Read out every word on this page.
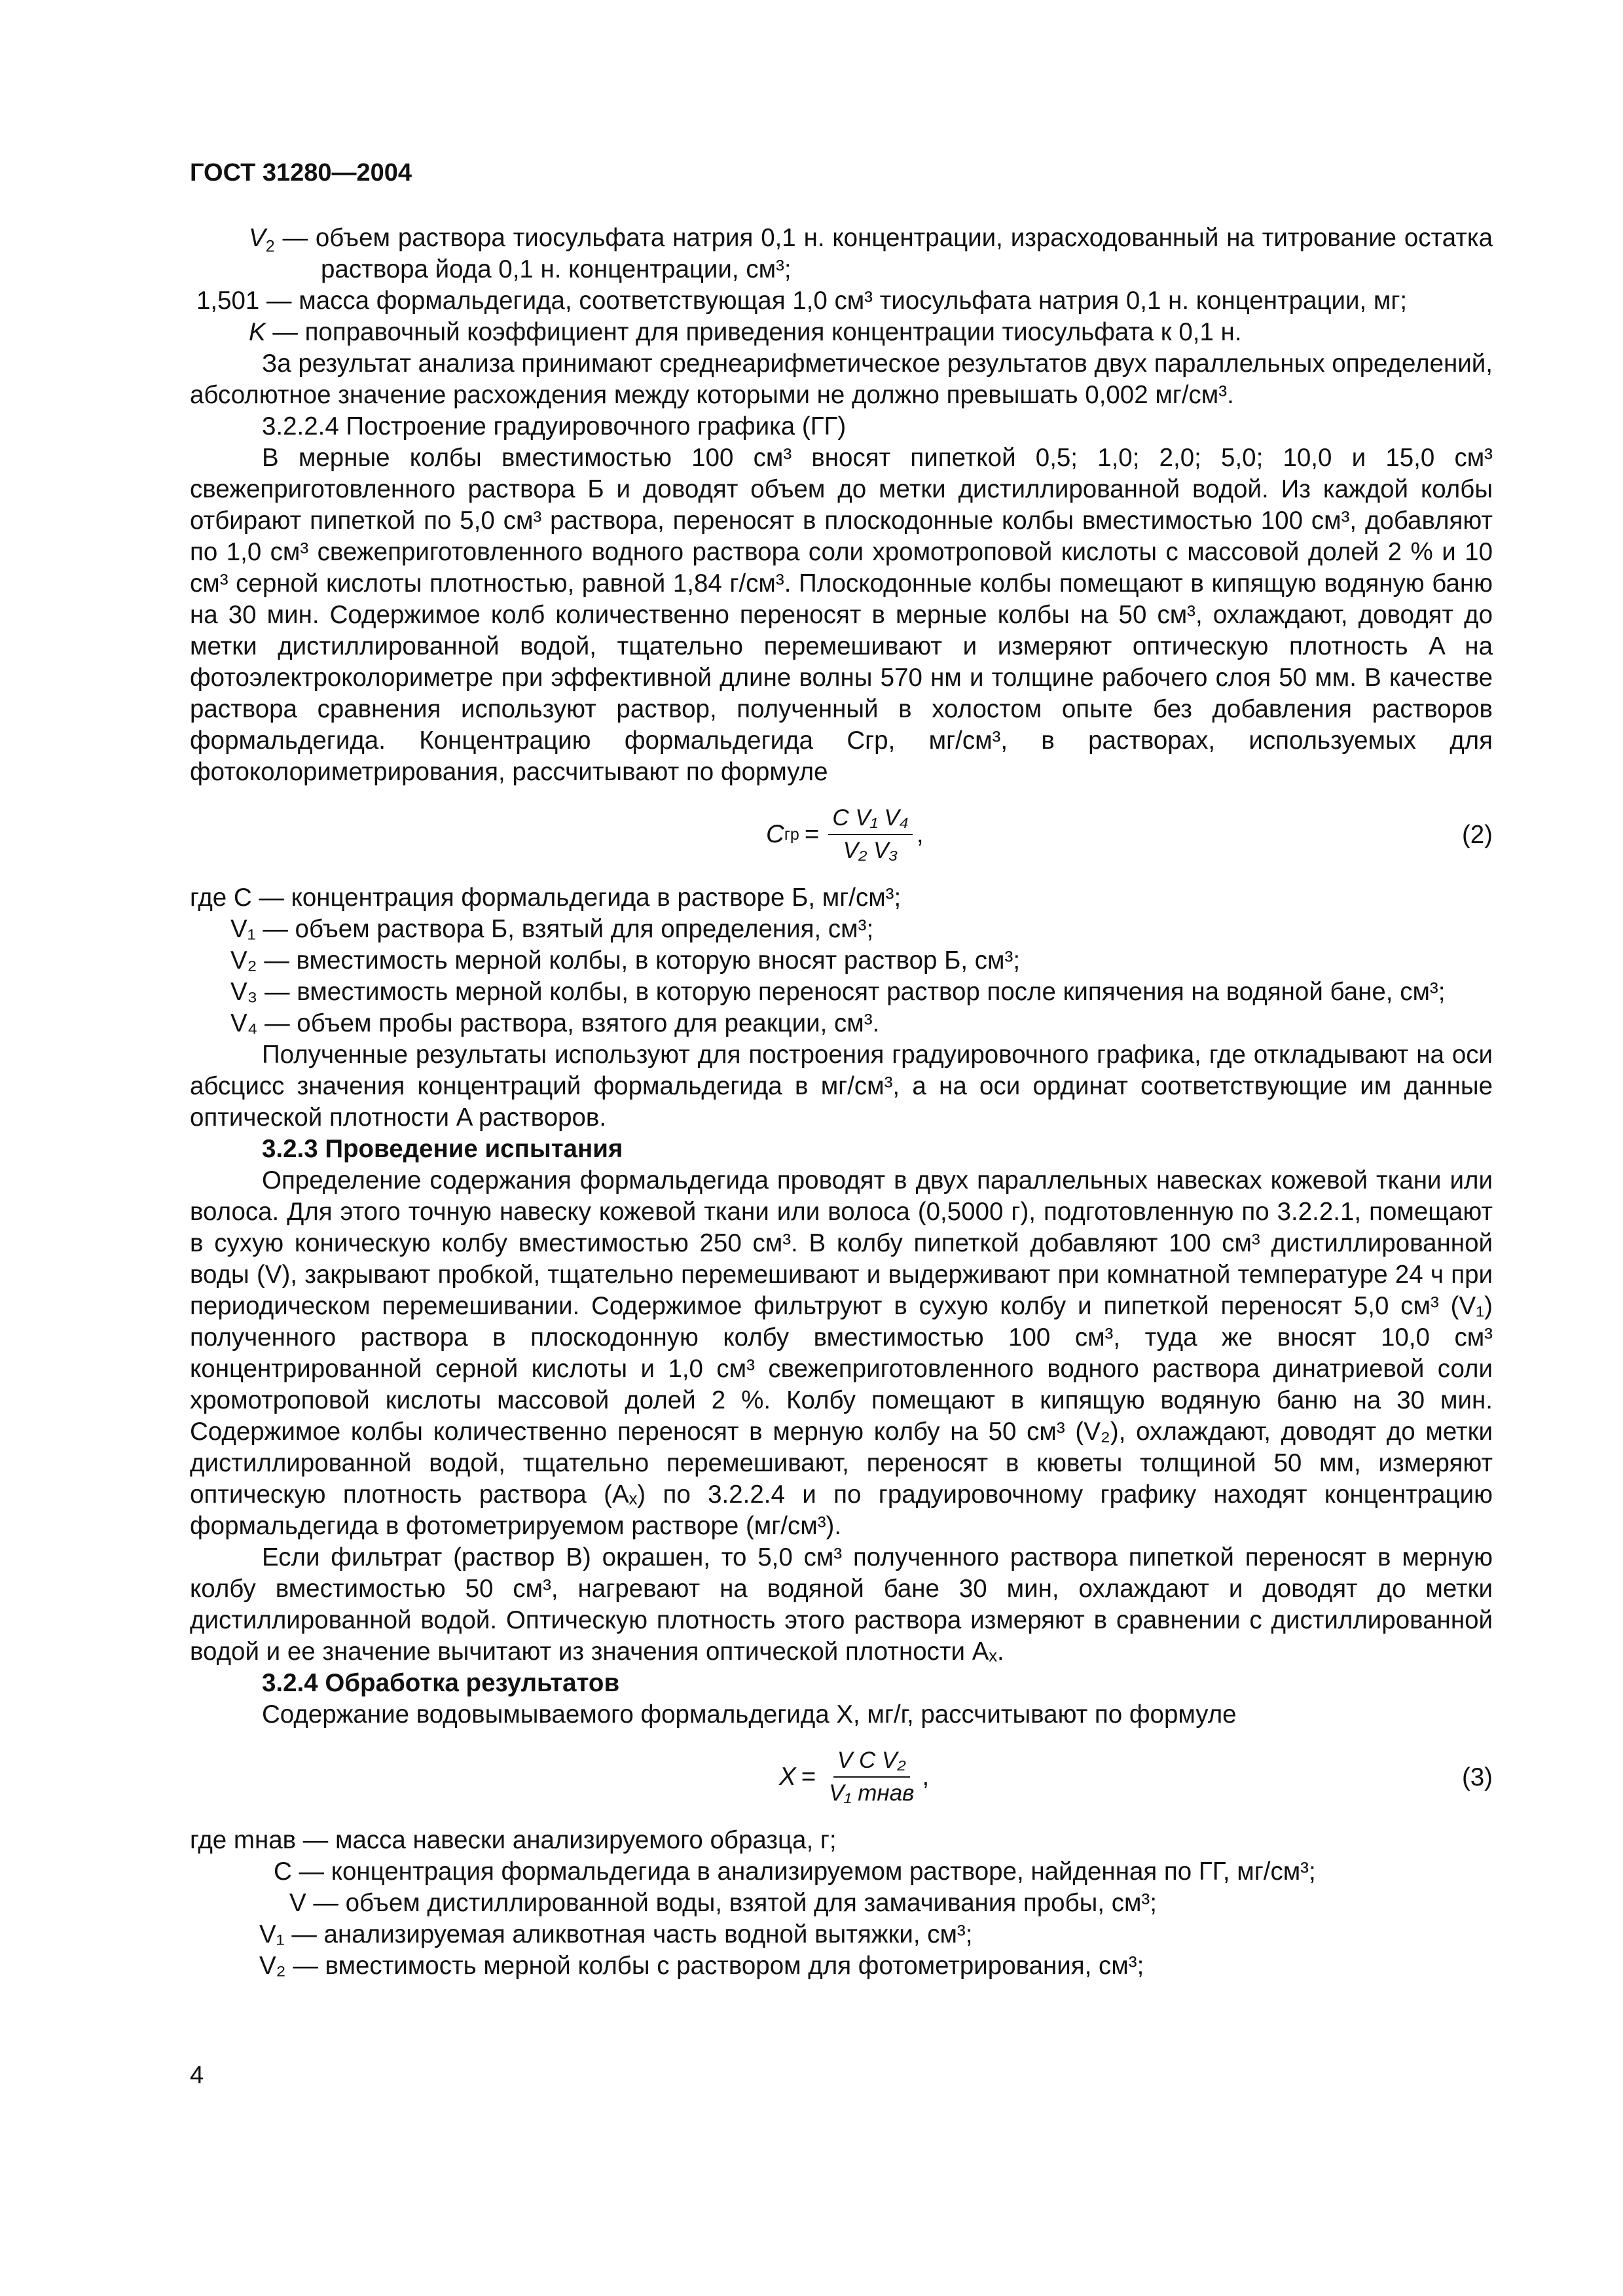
ГОСТ 31280—2004

$V_2$ — объем раствора тиосульфата натрия 0,1 н. концентрации, израсходованный на титрование остатка раствора йода 0,1 н. концентрации, см³;

1,501 — масса формальдегида, соответствующая 1,0 см³ тиосульфата натрия 0,1 н. концентрации, мг;

K — поправочный коэффициент для приведения концентрации тиосульфата к 0,1 н.

За результат анализа принимают среднеарифметическое результатов двух параллельных определений, абсолютное значение расхождения между которыми не должно превышать 0,002 мг/см³.

3.2.2.4 Построение градуировочного графика (ГГ)

В мерные колбы вместимостью 100 см³ вносят пипеткой 0,5; 1,0; 2,0; 5,0; 10,0 и 15,0 см³ свежеприготовленного раствора Б и доводят объем до метки дистиллированной водой. Из каждой колбы отбирают пипеткой по 5,0 см³ раствора, переносят в плоскодонные колбы вместимостью 100 см³, добавляют по 1,0 см³ свежеприготовленного водного раствора соли хромотроповой кислоты с массовой долей 2 % и 10 см³ серной кислоты плотностью, равной 1,84 г/см³. Плоскодонные колбы помещают в кипящую водяную баню на 30 мин. Содержимое колб количественно переносят в мерные колбы на 50 см³, охлаждают, доводят до метки дистиллированной водой, тщательно перемешивают и измеряют оптическую плотность A на фотоэлектроколориметре при эффективной длине волны 570 нм и толщине рабочего слоя 50 мм. В качестве раствора сравнения используют раствор, полученный в холостом опыте без добавления растворов формальдегида. Концентрацию формальдегида Cгр, мг/см³, в растворах, используемых для фотоколориметрирования, рассчитывают по формуле

C гр = $\frac{\text{C V₁ V₄}}{\text{V₂ V₃}}$ ,	(2)

где C — концентрация формальдегида в растворе Б, мг/см³;

V₁ — объем раствора Б, взятый для определения, см³;

V₂ — вместимость мерной колбы, в которую вносят раствор Б, см³;

V₃ — вместимость мерной колбы, в которую переносят раствор после кипячения на водяной бане, см³;

V₄ — объем пробы раствора, взятого для реакции, см³.

Полученные результаты используют для построения градуировочного графика, где откладывают на оси абсцисс значения концентраций формальдегида в мг/см³, а на оси ординат соответствующие им данные оптической плотности A растворов.

3.2.3 Проведение испытания

Определение содержания формальдегида проводят в двух параллельных навесках кожевой ткани или волоса. Для этого точную навеску кожевой ткани или волоса (0,5000 г), подготовленную по 3.2.2.1, помещают в сухую коническую колбу вместимостью 250 см³. В колбу пипеткой добавляют 100 см³ дистиллированной воды (V), закрывают пробкой, тщательно перемешивают и выдерживают при комнатной температуре 24 ч при периодическом перемешивании. Содержимое фильтруют в сухую колбу и пипеткой переносят 5,0 см³ (V₁) полученного раствора в плоскодонную колбу вместимостью 100 см³, туда же вносят 10,0 см³ концентрированной серной кислоты и 1,0 см³ свежеприготовленного водного раствора динатриевой соли хромотроповой кислоты массовой долей 2 %. Колбу помещают в кипящую водяную баню на 30 мин. Содержимое колбы количественно переносят в мерную колбу на 50 см³ (V₂), охлаждают, доводят до метки дистиллированной водой, тщательно перемешивают, переносят в кюветы толщиной 50 мм, измеряют оптическую плотность раствора (Aₓ) по 3.2.2.4 и по градуировочному графику находят концентрацию формальдегида в фотометрируемом растворе (мг/см³).

Если фильтрат (раствор В) окрашен, то 5,0 см³ полученного раствора пипеткой переносят в мерную колбу вместимостью 50 см³, нагревают на водяной бане 30 мин, охлаждают и доводят до метки дистиллированной водой. Оптическую плотность этого раствора измеряют в сравнении с дистиллированной водой и ее значение вычитают из значения оптической плотности Aₓ.

3.2.4 Обработка результатов

Содержание водовымываемого формальдегида X, мг/г, рассчитывают по формуле

$X = \frac{\text{V C V₂}}{\text{V₁ mнав}}$ ,	(3)

где mнав — масса навески анализируемого образца, г;

C — концентрация формальдегида в анализируемом растворе, найденная по ГГ, мг/см³;

V — объем дистиллированной воды, взятой для замачивания пробы, см³;

V₁ — анализируемая аликвотная часть водной вытяжки, см³;

V₂ — вместимость мерной колбы с раствором для фотометрирования, см³;

4
